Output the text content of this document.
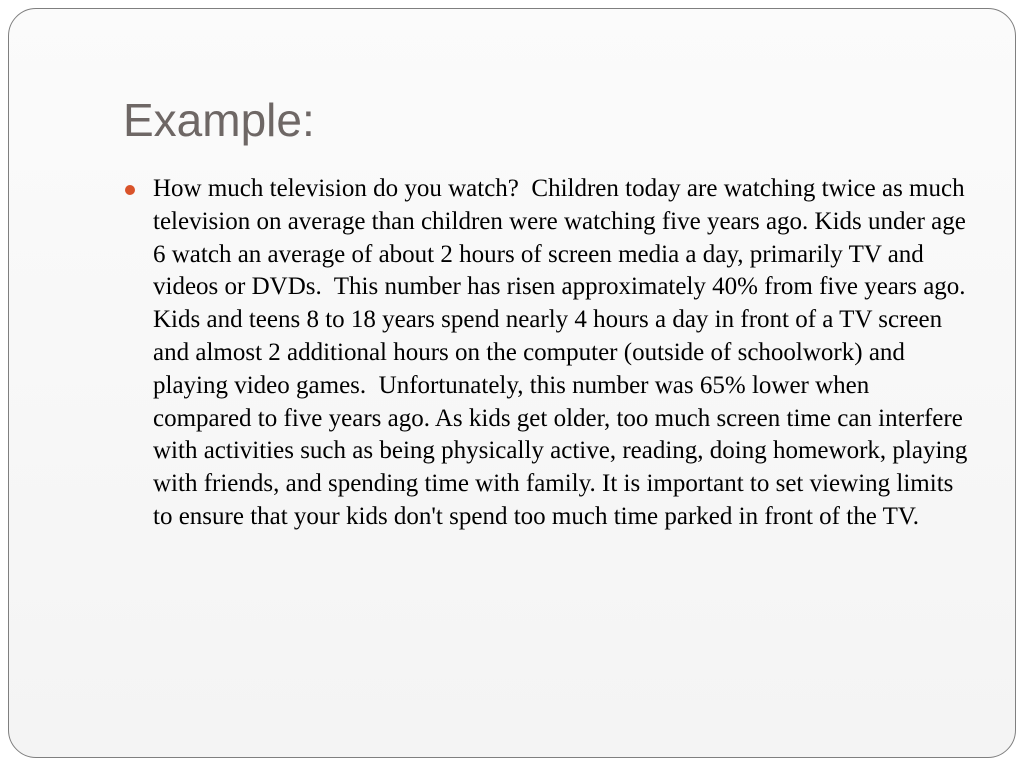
Example:
How much television do you watch?  Children today are watching twice as much television on average than children were watching five years ago. Kids under age 6 watch an average of about 2 hours of screen media a day, primarily TV and videos or DVDs.  This number has risen approximately 40% from five years ago.  Kids and teens 8 to 18 years spend nearly 4 hours a day in front of a TV screen and almost 2 additional hours on the computer (outside of schoolwork) and playing video games.  Unfortunately, this number was 65% lower when compared to five years ago. As kids get older, too much screen time can interfere with activities such as being physically active, reading, doing homework, playing with friends, and spending time with family. It is important to set viewing limits to ensure that your kids don't spend too much time parked in front of the TV.
